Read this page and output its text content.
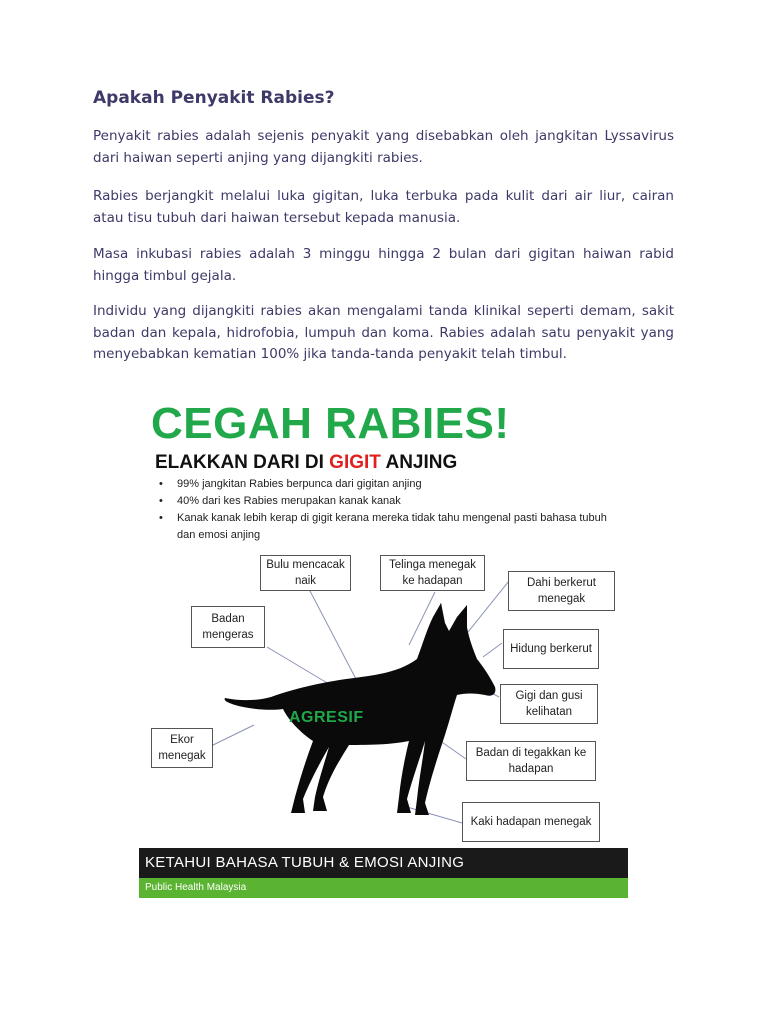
Apakah Penyakit Rabies?

Penyakit rabies adalah sejenis penyakit yang disebabkan oleh jangkitan Lyssavirus dari haiwan seperti anjing yang dijangkiti rabies.

Rabies berjangkit melalui luka gigitan, luka terbuka pada kulit dari air liur, cairan atau tisu tubuh dari haiwan tersebut kepada manusia.

Masa inkubasi rabies adalah 3 minggu hingga 2 bulan dari gigitan haiwan rabid hingga timbul gejala.

Individu yang dijangkiti rabies akan mengalami tanda klinikal seperti demam, sakit badan dan kepala, hidrofobia, lumpuh dan koma. Rabies adalah satu penyakit yang menyebabkan kematian 100% jika tanda-tanda penyakit telah timbul.

CEGAH RABIES!
ELAKKAN DARI DI GIGIT ANJING
• 99% jangkitan Rabies berpunca dari gigitan anjing
• 40% dari kes Rabies merupakan kanak kanak
• Kanak kanak lebih kerap di gigit kerana mereka tidak tahu mengenal pasti bahasa tubuh dan emosi anjing
AGRESIF
Bulu mencacak naik
Telinga menegak ke hadapan	Dahi berkerut menegak
Badan mengeras
Hidung berkerut
Gigi dan gusi kelihatan
Ekor menegak	Badan di tegakkan ke hadapan
Kaki hadapan menegak
KETAHUI BAHASA TUBUH & EMOSI ANJING
Public Health Malaysia
